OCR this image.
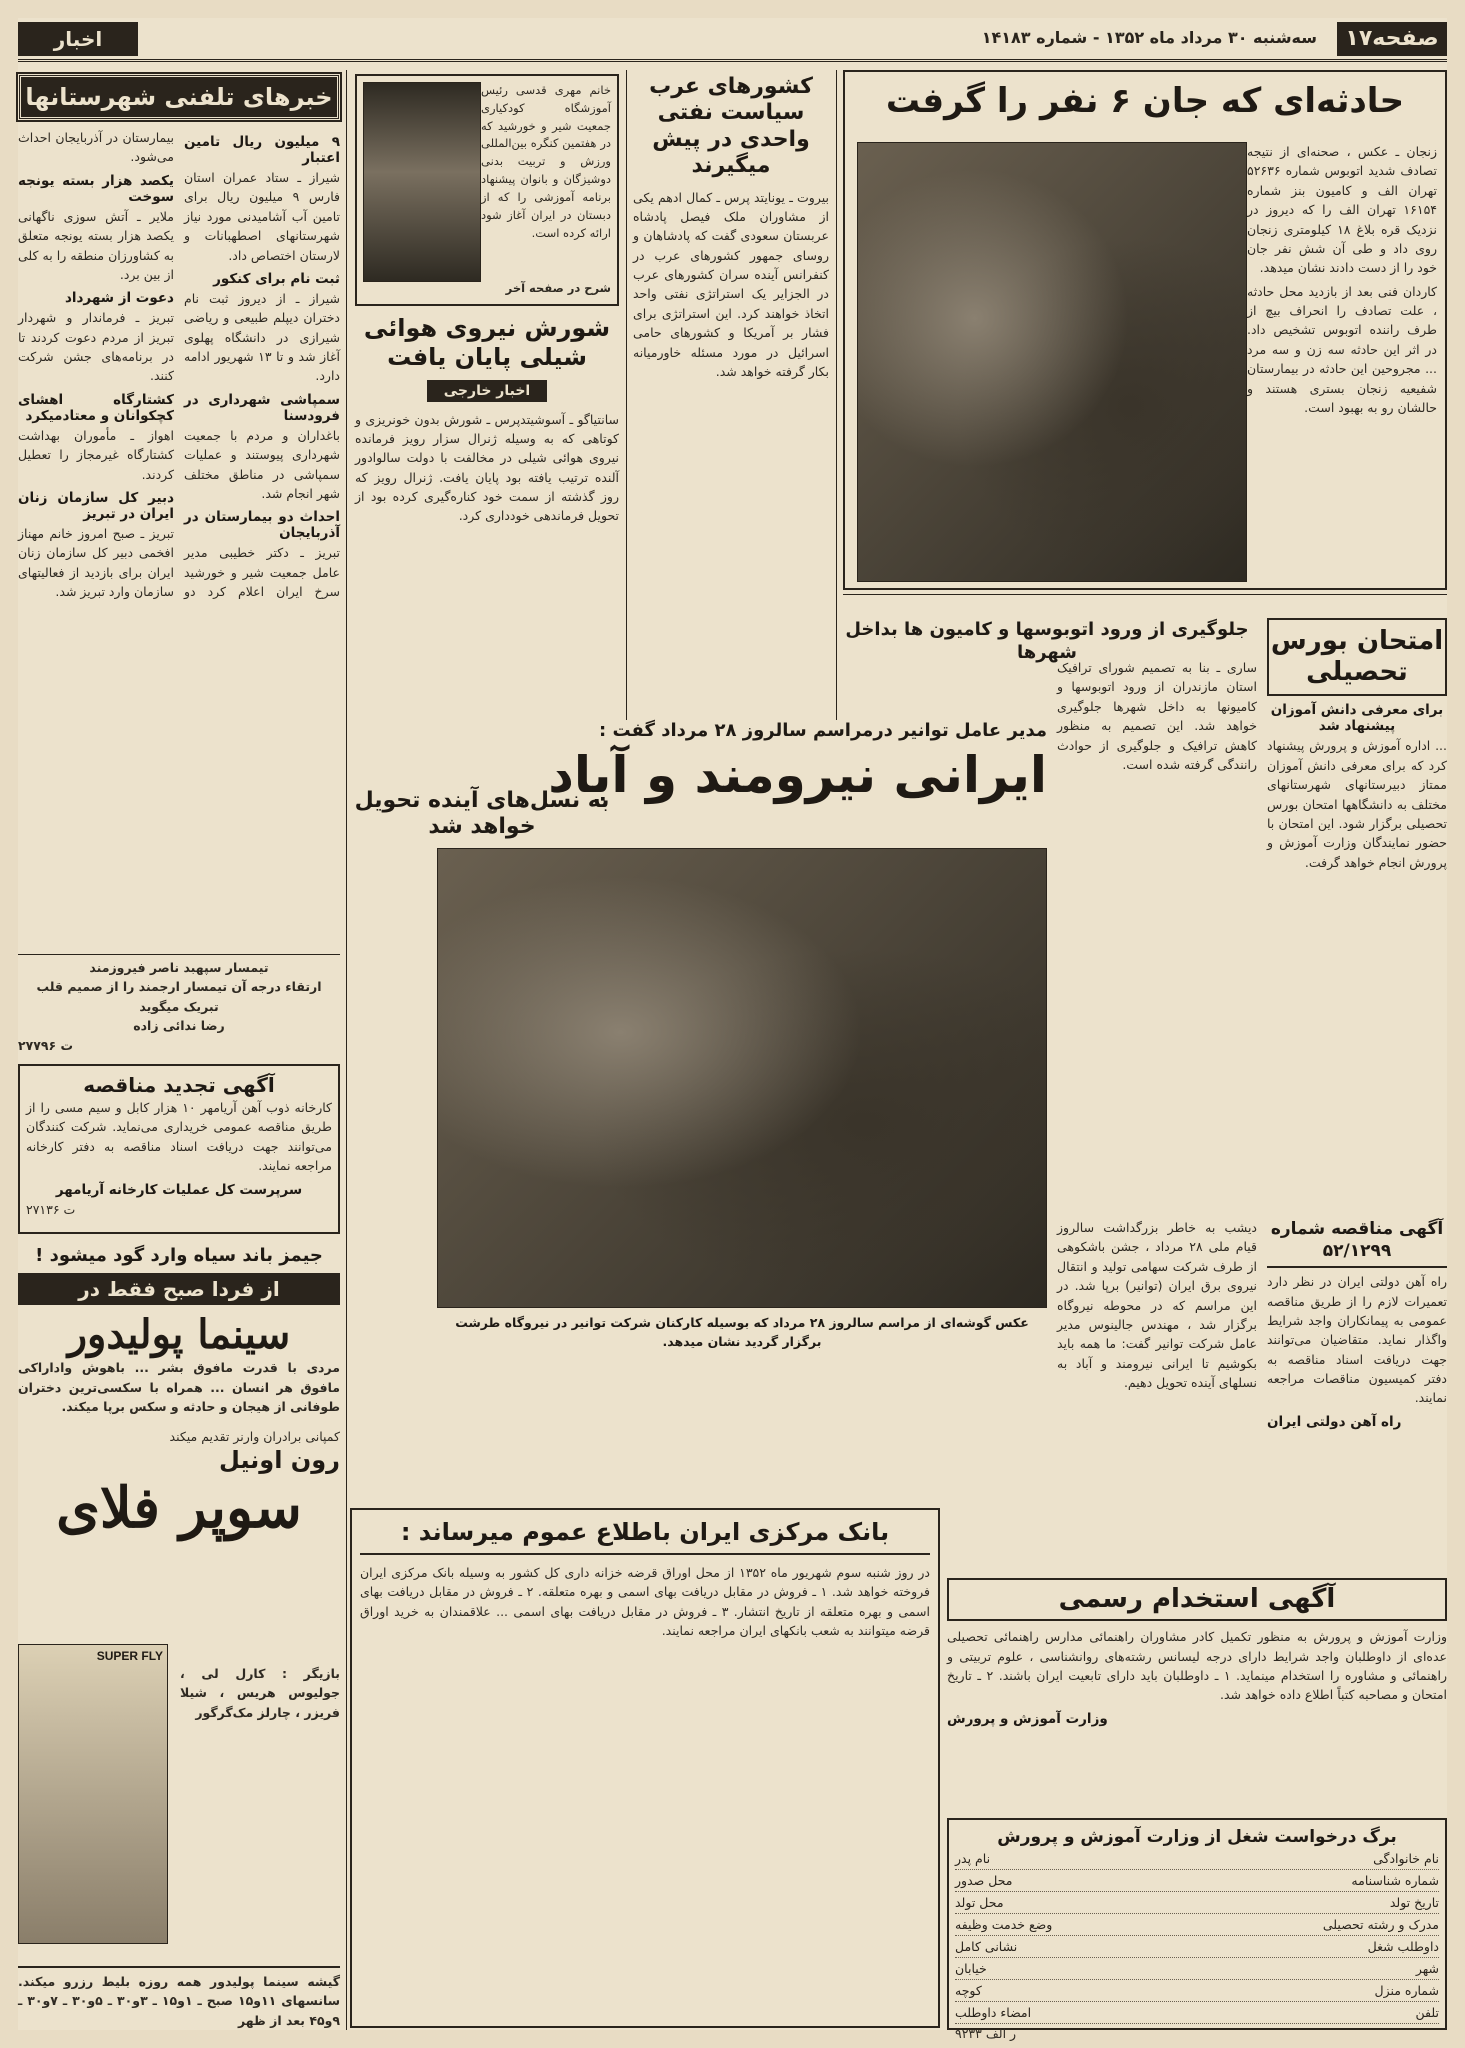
صفحه۱۷
سه‌شنبه ۳۰ مرداد ماه ۱۳۵۲ - شماره ۱۴۱۸۳
اخبار
حادثه‌ای که جان ۶ نفر را گرفت

زنجان ـ عکس ، صحنه‌ای از نتیجه تصادف شدید اتوبوس شماره ۵۲۶۳۶ تهران الف و کامیون بنز شماره ۱۶۱۵۴ تهران الف را که دیروز در نزدیک قره بلاغ ۱۸ کیلومتری زنجان روی داد و طی آن شش نفر جان خود را از دست دادند نشان میدهد.

کاردان فنی بعد از بازدید محل حادثه ، علت تصادف را انحراف بیچ از طرف راننده اتوبوس تشخیص داد. در اثر این حادثه سه زن و سه مرد ... مجروحین این حادثه در بیمارستان شفیعیه زنجان بستری هستند و حالشان رو به بهبود است.

کشورهای عرب سیاست نفتی واحدی در پیش میگیرند
بیروت ـ یونایتد پرس ـ کمال ادهم یکی از مشاوران ملک فیصل پادشاه عربستان سعودی گفت که پادشاهان و روسای جمهور کشورهای عرب در کنفرانس آینده سران کشورهای عرب در الجزایر یک استراتژی نفتی واحد اتخاذ خواهند کرد. این استراتژی برای فشار بر آمریکا و کشورهای حامی اسرائیل در مورد مسئله خاورمیانه بکار گرفته خواهد شد.
خانم مهری قدسی رئیس آموزشگاه کودکیاری جمعیت شیر و خورشید که در هفتمین کنگره بین‌المللی ورزش و تربیت بدنی دوشیزگان و بانوان پیشنهاد برنامه آموزشی را که از دبستان در ایران آغاز شود ارائه کرده است.
شرح در صفحه آخر
شورش نیروی هوائی شیلی پایان یافت
اخبار خارجی
سانتیاگو ـ آسوشیتدپرس ـ شورش بدون خونریزی و کوتاهی که به وسیله ژنرال سزار رویز فرمانده نیروی هوائی شیلی در مخالفت با دولت سالوادور آلنده ترتیب یافته بود پایان یافت. ژنرال رویز که روز گذشته از سمت خود کناره‌گیری کرده بود از تحویل فرماندهی خودداری کرد.
امتحان بورس تحصیلی
برای معرفی دانش آموزان پیشنهاد شد
... اداره آموزش و پرورش پیشنهاد کرد که برای معرفی دانش آموزان ممتاز دبیرستانهای شهرستانهای مختلف به دانشگاهها امتحان بورس تحصیلی برگزار شود. این امتحان با حضور نمایندگان وزارت آموزش و پرورش انجام خواهد گرفت.
جلوگیری از ورود اتوبوسها و کامیون ها بداخل شهرها
ساری ـ بنا به تصمیم شورای ترافیک استان مازندران از ورود اتوبوسها و کامیونها به داخل شهرها جلوگیری خواهد شد. این تصمیم به منظور کاهش ترافیک و جلوگیری از حوادث رانندگی گرفته شده است.
مدیر عامل توانیر درمراسم سالروز ۲۸ مرداد گفت :
ایرانی نیرومند و آباد
به نسل‌های آینده تحویل خواهد شد
عکس گوشه‌ای از مراسم سالروز ۲۸ مرداد که بوسیله کارکنان شرکت توانیر در نیروگاه طرشت برگزار گردید نشان میدهد.
دیشب به خاطر بزرگداشت سالروز قیام ملی ۲۸ مرداد ، جشن باشکوهی از طرف شرکت سهامی تولید و انتقال نیروی برق ایران (توانیر) برپا شد. در این مراسم که در محوطه نیروگاه برگزار شد ، مهندس جالینوس مدیر عامل شرکت توانیر گفت: ما همه باید بکوشیم تا ایرانی نیرومند و آباد به نسلهای آینده تحویل دهیم.
آگهی مناقصه شماره ۵۲/۱۲۹۹
راه آهن دولتی ایران در نظر دارد تعمیرات لازم را از طریق مناقصه عمومی به پیمانکاران واجد شرایط واگذار نماید. متقاضیان می‌توانند جهت دریافت اسناد مناقصه به دفتر کمیسیون مناقصات مراجعه نمایند.
راه آهن دولتی ایران
خبرهای تلفنی شهرستانها
۹ میلیون ریال تامین اعتبار

شیراز ـ ستاد عمران استان فارس ۹ میلیون ریال برای تامین آب آشامیدنی مورد نیاز شهرستانهای اصطهبانات و لارستان اختصاص داد.

ثبت نام برای کنکور

شیراز ـ از دیروز ثبت نام دختران دیپلم طبیعی و ریاضی شیرازی در دانشگاه پهلوی آغاز شد و تا ۱۳ شهریور ادامه دارد.

سمپاشی شهرداری در فرودسنا

باغداران و مردم با جمعیت شهرداری پیوستند و عملیات سمپاشی در مناطق مختلف شهر انجام شد.

احداث دو بیمارستان در آذربایجان

تبریز ـ دکتر خطیبی مدیر عامل جمعیت شیر و خورشید سرخ ایران اعلام کرد دو بیمارستان در آذربایجان احداث می‌شود.

یکصد هزار بسته یونجه سوخت

ملایر ـ آتش سوزی ناگهانی یکصد هزار بسته یونجه متعلق به کشاورزان منطقه را به کلی از بین برد.

دعوت از شهرداد

تبریز ـ فرماندار و شهردار تبریز از مردم دعوت کردند تا در برنامه‌های جشن شرکت کنند.

کشتارگاه اهشای کچکوانان و معتادمیکرد

اهواز ـ مأموران بهداشت کشتارگاه غیرمجاز را تعطیل کردند.

دبیر کل سازمان زنان ایران در تبریز

تبریز ـ صبح امروز خانم مهناز افخمی دبیر کل سازمان زنان ایران برای بازدید از فعالیتهای سازمان وارد تبریز شد.

تیمسار سپهبد ناصر فیروزمند
ارتقاء درجه آن تیمسار ارجمند را از صمیم قلب تبریک میگوید
رضا ندائی زاده
ت ۲۷۷۹۶
آگهی تجدید مناقصه
کارخانه ذوب آهن آریامهر ۱۰ هزار کابل و سیم مسی را از طریق مناقصه عمومی خریداری می‌نماید. شرکت کنندگان می‌توانند جهت دریافت اسناد مناقصه به دفتر کارخانه مراجعه نمایند.
سرپرست کل عملیات کارخانه آریامهر
ت ۲۷۱۳۶
جیمز باند سیاه وارد گود میشود !
از فردا صبح فقط در
سینما پولیدور
مردی با قدرت مافوق بشر ... باهوش واداراکی مافوق هر انسان ... همراه با سکسی‌ترین دختران طوفانی از هیجان و حادثه و سکس برپا میکند.
کمپانی برادران وارنر تقدیم میکند
رون اونیل
سوپر فلای
SUPER FLY
بازیگر : کارل لی ، جولیوس هریس ، شیلا فریزر ، چارلز مک‌گرگور
گیشه سینما پولیدور همه روزه بلیط رزرو میکند. سانسهای ۱۱و۱۵ صبح ـ ۱و۱۵ ـ ۳و۳۰ ـ ۵و۳۰ ـ ۷و۳۰ ـ ۹و۴۵ بعد از ظهر
بانک مرکزی ایران باطلاع عموم میرساند :
در روز شنبه سوم شهریور ماه ۱۳۵۲ از محل اوراق قرضه خزانه داری کل کشور به وسیله بانک مرکزی ایران فروخته خواهد شد. ۱ ـ فروش در مقابل دریافت بهای اسمی و بهره متعلقه. ۲ ـ فروش در مقابل دریافت بهای اسمی و بهره متعلقه از تاریخ انتشار. ۳ ـ فروش در مقابل دریافت بهای اسمی ... علاقمندان به خرید اوراق قرضه میتوانند به شعب بانکهای ایران مراجعه نمایند.
آگهی استخدام رسمی
وزارت آموزش و پرورش به منظور تکمیل کادر مشاوران راهنمائی مدارس راهنمائی تحصیلی عده‌ای از داوطلبان واجد شرایط دارای درجه لیسانس رشته‌های روانشناسی ، علوم تربیتی و راهنمائی و مشاوره را استخدام مینماید. ۱ ـ داوطلبان باید دارای تابعیت ایران باشند. ۲ ـ تاریخ امتحان و مصاحبه کتباً اطلاع داده خواهد شد.
وزارت آموزش و پرورش
برگ درخواست شغل از وزارت آموزش و پرورش
نام خانوادگی
نام پدر
شماره شناسنامه
محل صدور
تاریخ تولد
محل تولد
مدرک و رشته تحصیلی
وضع خدمت وظیفه
داوطلب شغل
نشانی کامل
شهر
خیابان
شماره منزل
کوچه
تلفن
امضاء داوطلب
ر الف ۹۲۳۳
